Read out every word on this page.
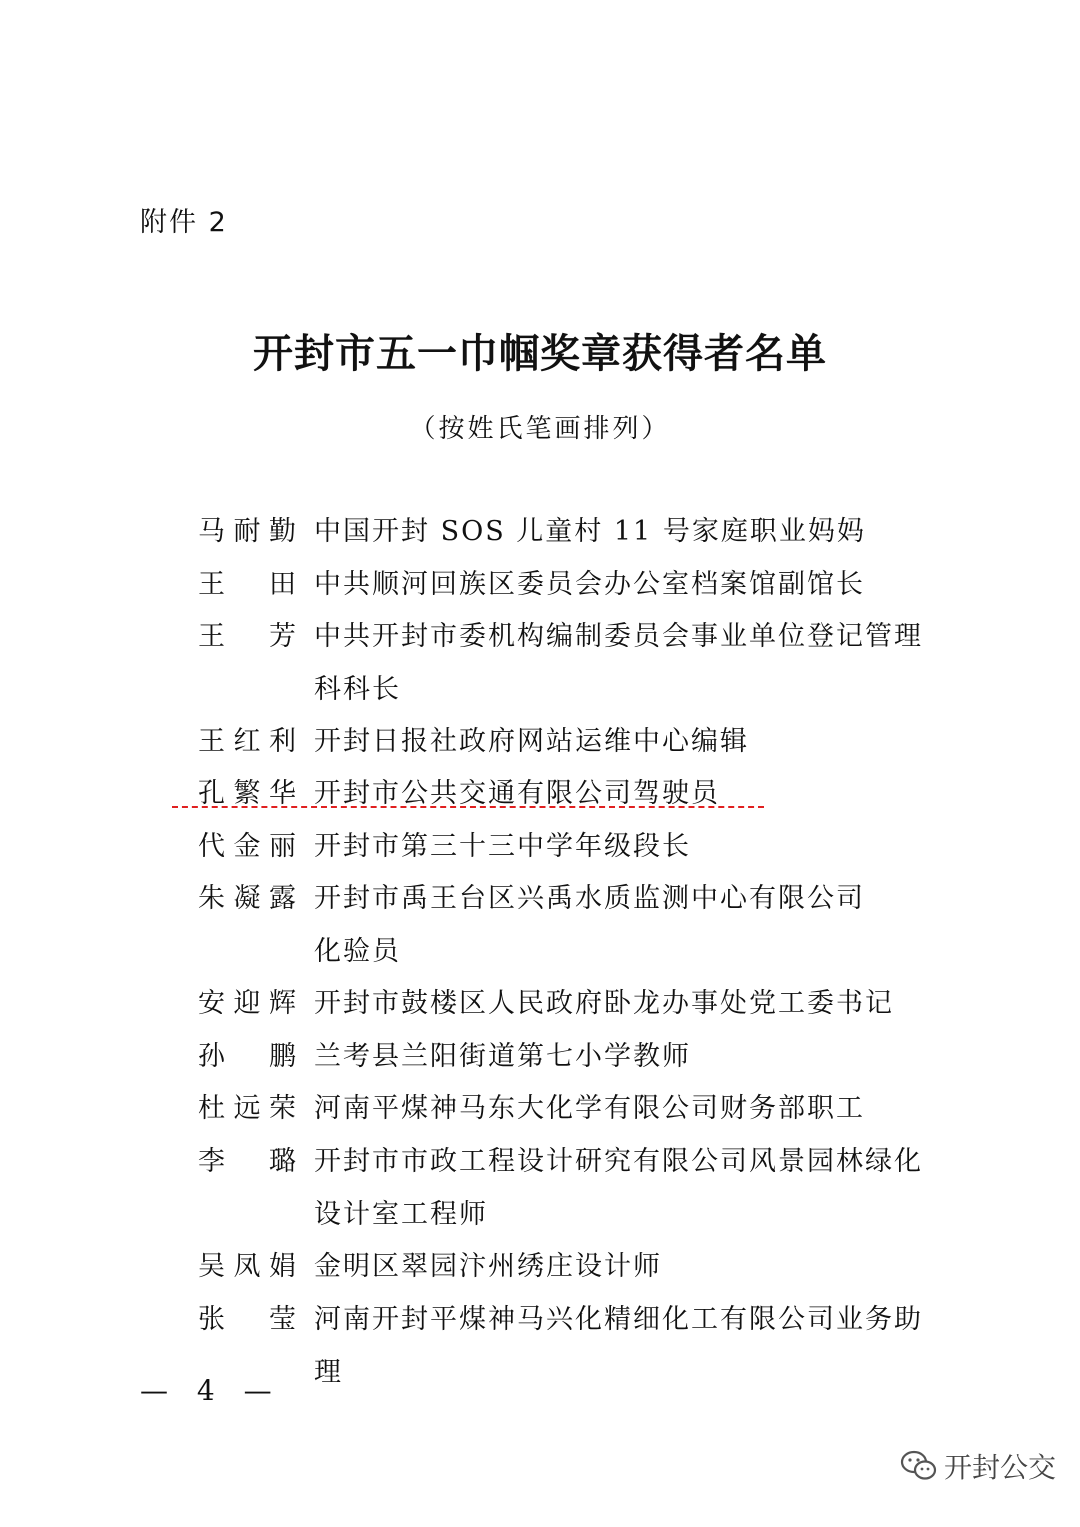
附件 2
开封市五一巾帼奖章获得者名单
（按姓氏笔画排列）
马耐勤 中国开封 SOS 儿童村 11 号家庭职业妈妈
王田 中共顺河回族区委员会办公室档案馆副馆长
王芳 中共开封市委机构编制委员会事业单位登记管理科科长
王红利 开封日报社政府网站运维中心编辑
孔繁华 开封市公共交通有限公司驾驶员
代金丽 开封市第三十三中学年级段长
朱凝露 开封市禹王台区兴禹水质监测中心有限公司化验员
安迎辉 开封市鼓楼区人民政府卧龙办事处党工委书记
孙鹏 兰考县兰阳街道第七小学教师
杜远荣 河南平煤神马东大化学有限公司财务部职工
李璐 开封市市政工程设计研究有限公司风景园林绿化设计室工程师
吴凤娟 金明区翠园汴州绣庄设计师
张莹 河南开封平煤神马兴化精细化工有限公司业务助理
— 4 —
开封公交
